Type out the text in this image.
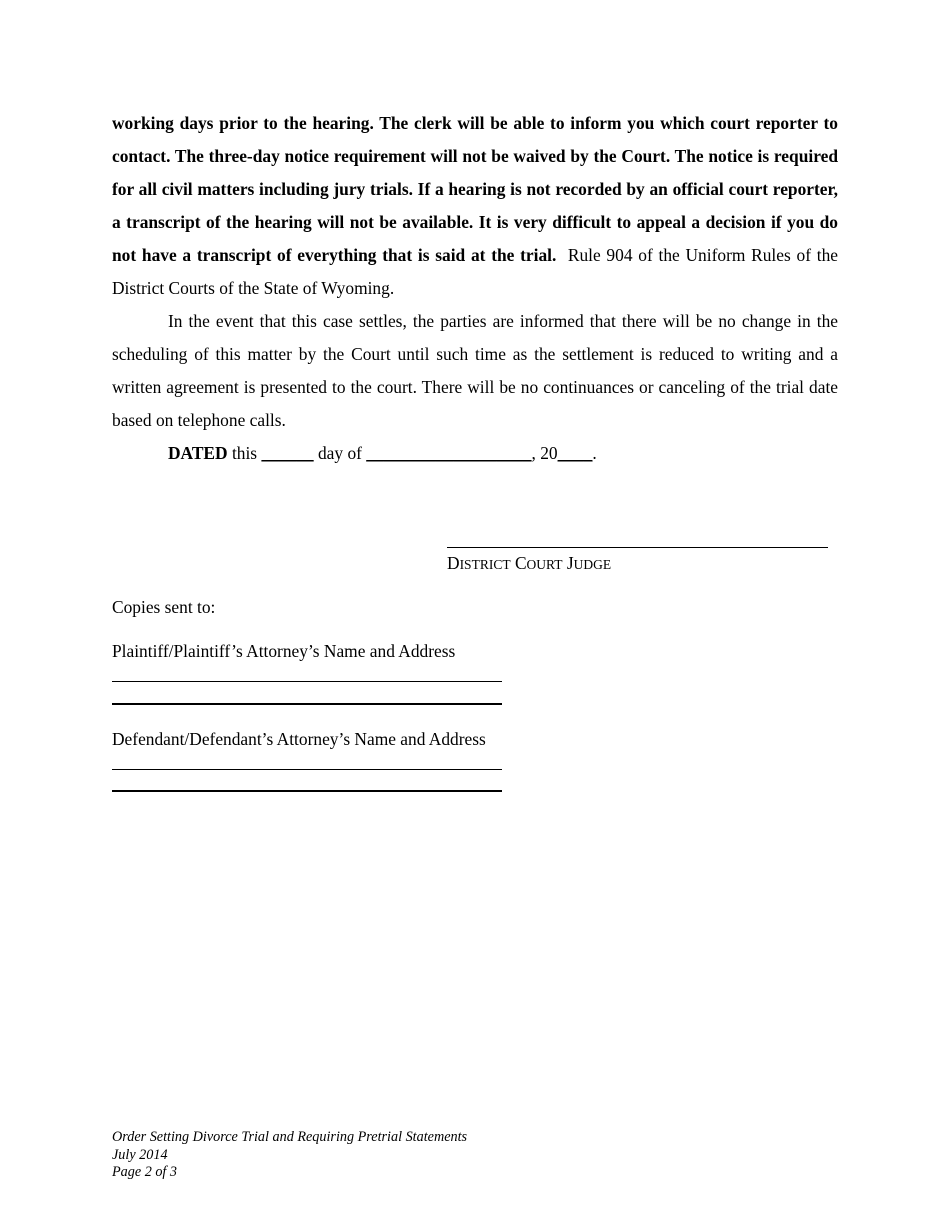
working days prior to the hearing. The clerk will be able to inform you which court reporter to contact. The three-day notice requirement will not be waived by the Court. The notice is required for all civil matters including jury trials. If a hearing is not recorded by an official court reporter, a transcript of the hearing will not be available. It is very difficult to appeal a decision if you do not have a transcript of everything that is said at the trial. Rule 904 of the Uniform Rules of the District Courts of the State of Wyoming.

In the event that this case settles, the parties are informed that there will be no change in the scheduling of this matter by the Court until such time as the settlement is reduced to writing and a written agreement is presented to the court. There will be no continuances or canceling of the trial date based on telephone calls.

DATED this ______ day of ___________________, 20____.
DISTRICT COURT JUDGE
Copies sent to:
Plaintiff/Plaintiff’s Attorney’s Name and Address
Defendant/Defendant’s Attorney’s Name and Address
Order Setting Divorce Trial and Requiring Pretrial Statements
July 2014
Page 2 of 3
